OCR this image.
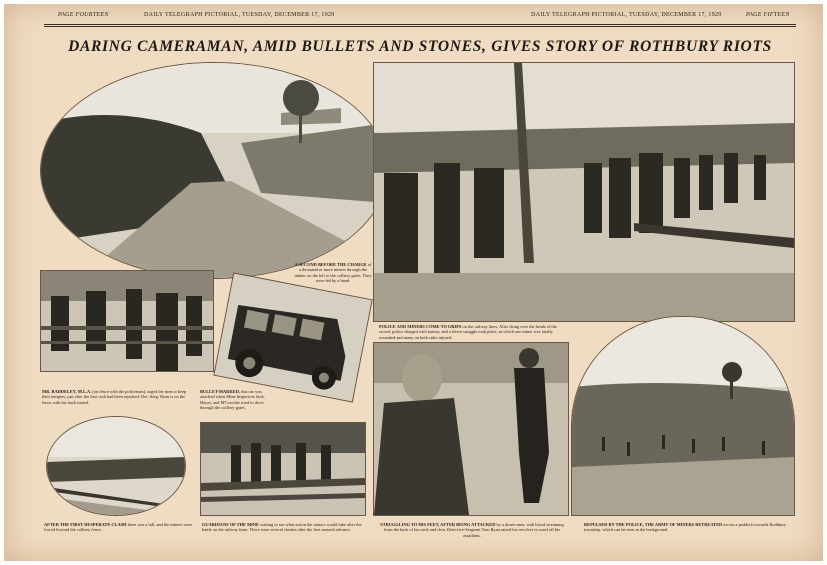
PAGE FOURTEEN	DAILY TELEGRAPH PICTORIAL, TUESDAY, DECEMBER 17, 1929	DAILY TELEGRAPH PICTORIAL, TUESDAY, DECEMBER 17, 1929	PAGE FIFTEEN
DARING CAMERAMAN, AMID BULLETS AND STONES, GIVES STORY OF ROTHBURY RIOTS
A SECOND BEFORE THE CHARGE of a thousand or more miners through the timber on the left to the colliery gates. They were led by a band.
POLICE AND MINERS COME TO GRIPS on the railway lines. After firing over the heads of the crowd, police charged with batons, and a fierce struggle took place, in which one miner was fatally wounded and many on both sides injured.
MR. BADDELEY, M.L.A. (on fence with the policeman), urged the men to keep their tempers, just after the first rush had been repulsed. Det.-Serg. Ryan is on the fence with his back turned.
BULLET-MARKED, this car was attacked when Mine Inspectors Jack, Hayes, and M'Conchie tried to drive through the colliery gates.
AFTER THE FIRST DESPERATE CLASH there was a lull, and the miners were forced beyond the colliery fence.
GUARDIANS OF THE MINE waiting to see what action the miners would take after the battle on the railway lines. There were several clashes after the first massed advance.
STRUGGLING TO HIS FEET, AFTER BEING ATTACKED by a dozen men, with blood streaming from the back of his neck and chin, Detective-Sergeant Tom Ryan raised his revolver to ward off his assailants.
REPULSED BY THE POLICE, THE ARMY OF MINERS RETREATED across a paddock towards Rothbury township, which can be seen in the background.
